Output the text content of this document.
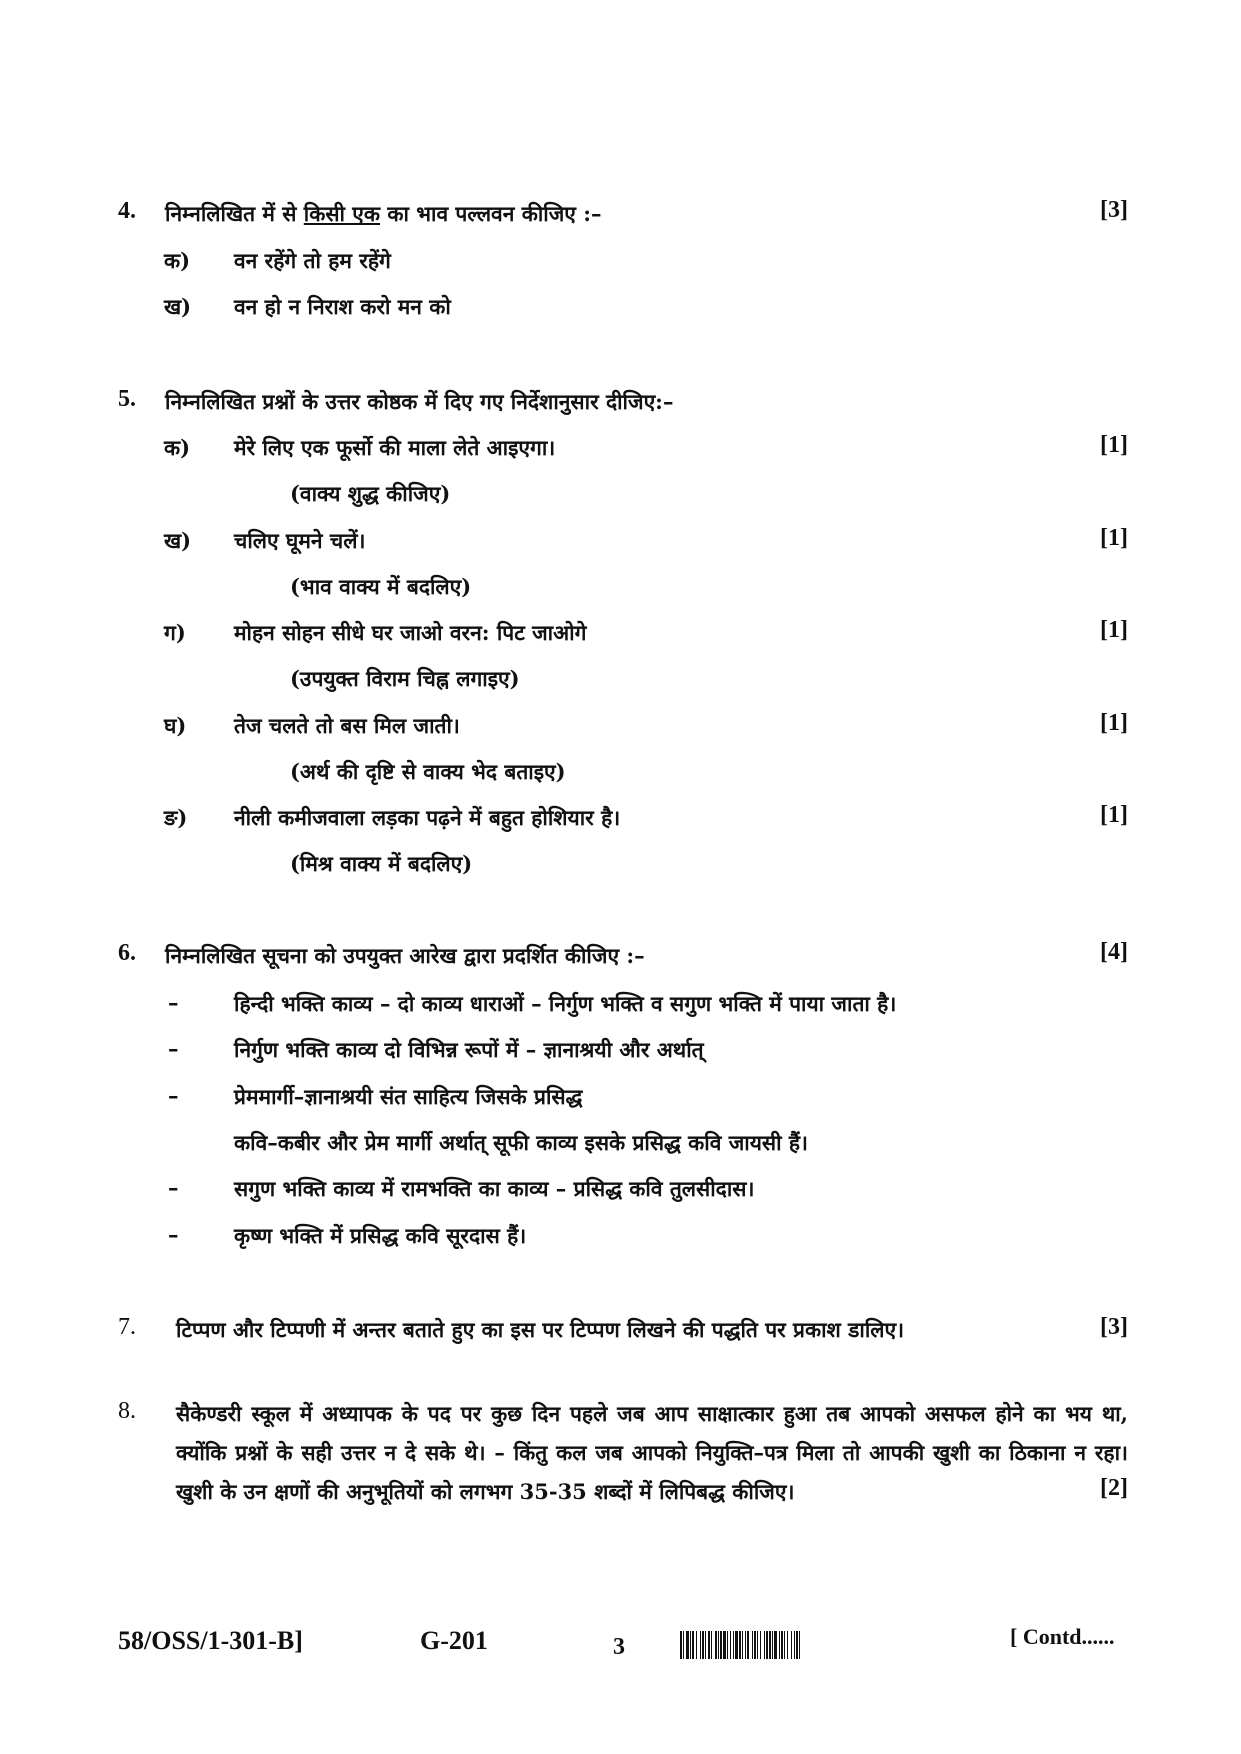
4. निम्नलिखित में से किसी एक का भाव पल्लवन कीजिए :–	[3]
क) वन रहेंगे तो हम रहेंगे
ख) वन हो न निराश करो मन को
5. निम्नलिखित प्रश्नों के उत्तर कोष्ठक में दिए गए निर्देशानुसार दीजिए:–
क) मेरे लिए एक फूर्सो की माला लेते आइएगा।	[1]
(वाक्य शुद्ध कीजिए)
ख) चलिए घूमने चलें।	[1]
(भाव वाक्य में बदलिए)
ग) मोहन सोहन सीधे घर जाओ वरन: पिट जाओगे	[1]
(उपयुक्त विराम चिह्न लगाइए)
घ) तेज चलते तो बस मिल जाती।	[1]
(अर्थ की दृष्टि से वाक्य भेद बताइए)
ङ) नीली कमीजवाला लड़का पढ़ने में बहुत होशियार है।	[1]
(मिश्र वाक्य में बदलिए)
6. निम्नलिखित सूचना को उपयुक्त आरेख द्वारा प्रदर्शित कीजिए :–	[4]
–	हिन्दी भक्ति काव्य – दो काव्य धाराओं – निर्गुण भक्ति व सगुण भक्ति में पाया जाता है।
–	निर्गुण भक्ति काव्य दो विभिन्न रूपों में – ज्ञानाश्रयी और अर्थात्
–	प्रेममार्गी–ज्ञानाश्रयी संत साहित्य जिसके प्रसिद्ध
कवि–कबीर और प्रेम मार्गी अर्थात् सूफी काव्य इसके प्रसिद्ध कवि जायसी हैं।
–	सगुण भक्ति काव्य में रामभक्ति का काव्य – प्रसिद्ध कवि तुलसीदास।
–	कृष्ण भक्ति में प्रसिद्ध कवि सूरदास हैं।
7. टिप्पण और टिप्पणी में अन्तर बताते हुए का इस पर टिप्पण लिखने की पद्धति पर प्रकाश डालिए।	[3]
8. सैकेण्डरी स्कूल में अध्यापक के पद पर कुछ दिन पहले जब आप साक्षात्कार हुआ तब आपको असफल होने का भय था, क्योंकि प्रश्नों के सही उत्तर न दे सके थे। – किंतु कल जब आपको नियुक्ति–पत्र मिला तो आपकी खुशी का ठिकाना न रहा। खुशी के उन क्षणों की अनुभूतियों को लगभग 35-35 शब्दों में लिपिबद्ध कीजिए।	[2]
58/OSS/1-301-B]	G-201	3	[ Contd......
